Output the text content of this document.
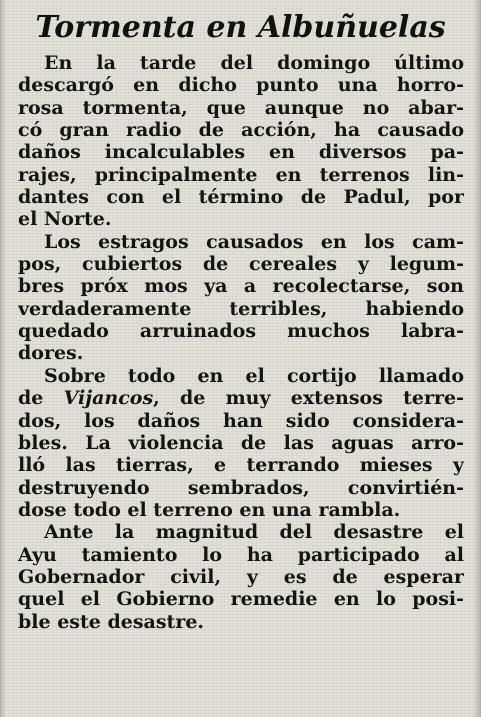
Tormenta en Albuñuelas
En la tarde del domingo último
descargó en dicho punto una horro-
rosa tormenta, que aunque no abar-
có gran radio de acción, ha causado
daños incalculables en diversos pa-
rajes, principalmente en terrenos lin-
dantes con el término de Padul, por
el Norte.
Los estragos causados en los cam-
pos, cubiertos de cereales y legum-
bres próx mos ya a recolectarse, son
verdaderamente terribles, habiendo
quedado arruinados muchos labra-
dores.
Sobre todo en el cortijo llamado
de Vijancos, de muy extensos terre-
dos, los daños han sido considera-
bles. La violencia de las aguas arro-
lló las tierras, e terrando mieses y
destruyendo sembrados, convirtién-
dose todo el terreno en una rambla.
Ante la magnitud del desastre el
Ayu tamiento lo ha participado al
Gobernador civil, y es de esperar
quel el Gobierno remedie en lo posi-
ble este desastre.
